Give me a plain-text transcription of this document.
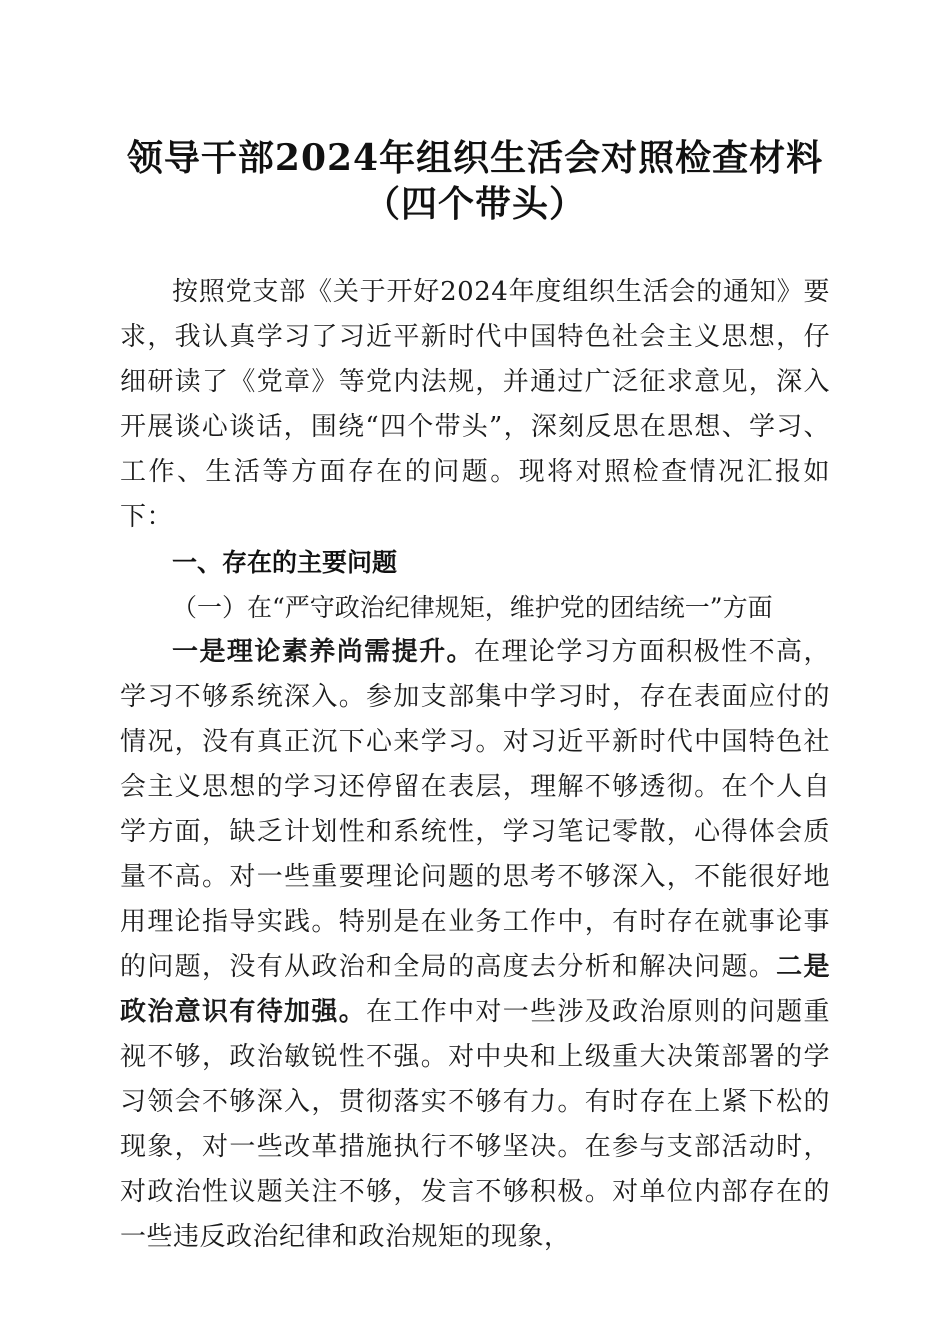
领导干部2024年组织生活会对照检查材料
（四个带头）

按照党支部《关于开好2024年度组织生活会的通知》要求，我认真学习了习近平新时代中国特色社会主义思想，仔细研读了《党章》等党内法规，并通过广泛征求意见，深入开展谈心谈话，围绕“四个带头”，深刻反思在思想、学习、工作、生活等方面存在的问题。现将对照检查情况汇报如下：

一、存在的主要问题

（一）在“严守政治纪律规矩，维护党的团结统一”方面

一是理论素养尚需提升。在理论学习方面积极性不高，学习不够系统深入。参加支部集中学习时，存在表面应付的情况，没有真正沉下心来学习。对习近平新时代中国特色社会主义思想的学习还停留在表层，理解不够透彻。在个人自学方面，缺乏计划性和系统性，学习笔记零散，心得体会质量不高。对一些重要理论问题的思考不够深入，不能很好地用理论指导实践。特别是在业务工作中，有时存在就事论事的问题，没有从政治和全局的高度去分析和解决问题。二是政治意识有待加强。在工作中对一些涉及政治原则的问题重视不够，政治敏锐性不强。对中央和上级重大决策部署的学习领会不够深入，贯彻落实不够有力。有时存在上紧下松的现象，对一些改革措施执行不够坚决。在参与支部活动时，对政治性议题关注不够，发言不够积极。对单位内部存在的一些违反政治纪律和政治规矩的现象，
